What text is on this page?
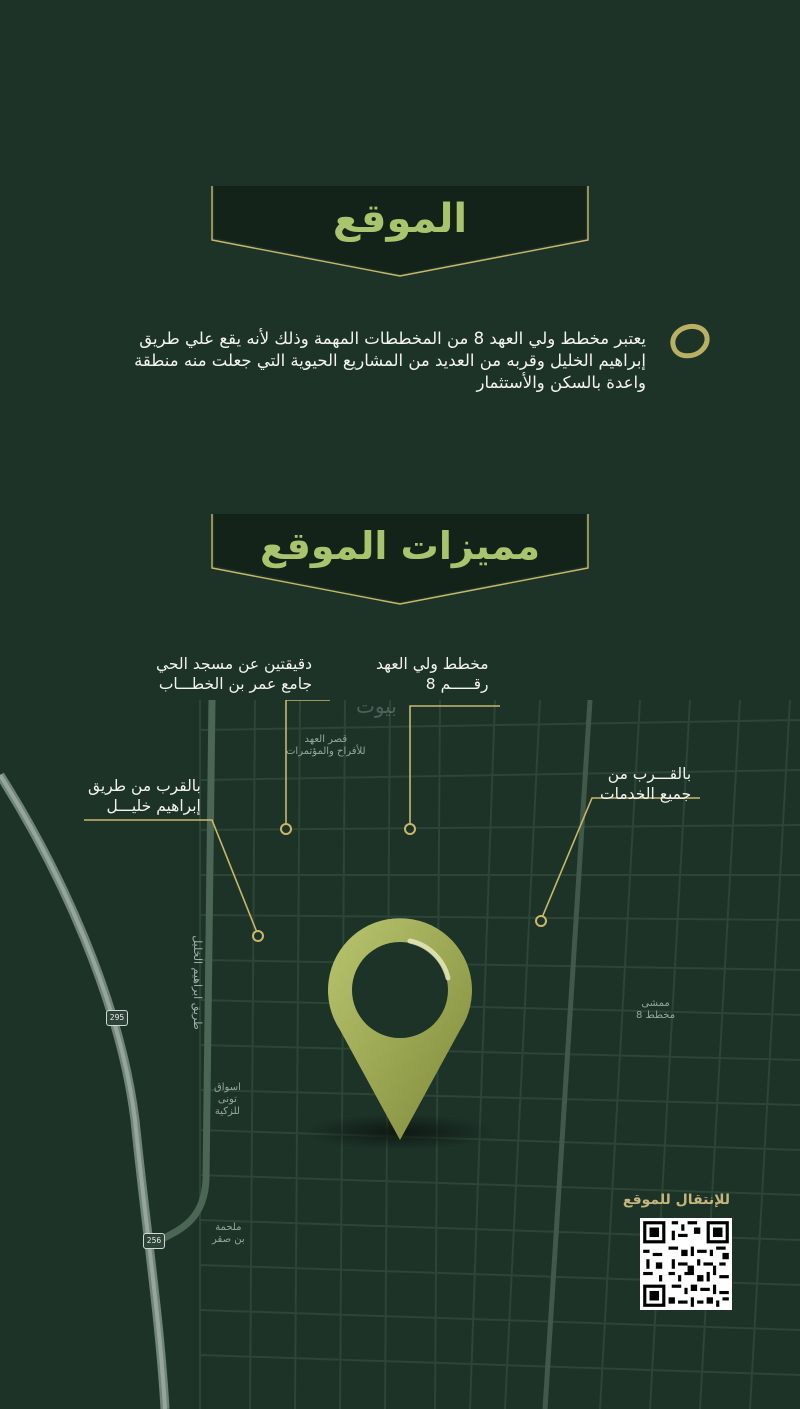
الموقع
يعتبر مخطط ولي العهد 8 من المخططات المهمة وذلك لأنه يقع علي طريق إبراهيم الخليل وقربه من العديد من المشاريع الحيوية التي جعلت منه منطقة واعدة بالسكن والأستثمار
مميزات الموقع
مخطط ولي العهد
رقـــــم 8
دقيقتين عن مسجد الحي
جامع عمر بن الخطـــاب
بالقرب من طريق
إبراهيم خليـــل
بالقـــرب من
جميع الخدمات
بيوت
قصر العهد
للأفراح والمؤتمرات
طريق ابراهيم الخليل
اسواق
تونى
للزكية
ملحمة
بن صقر
ممشى
مخطط 8
295
256
للإنتقال للموقع
